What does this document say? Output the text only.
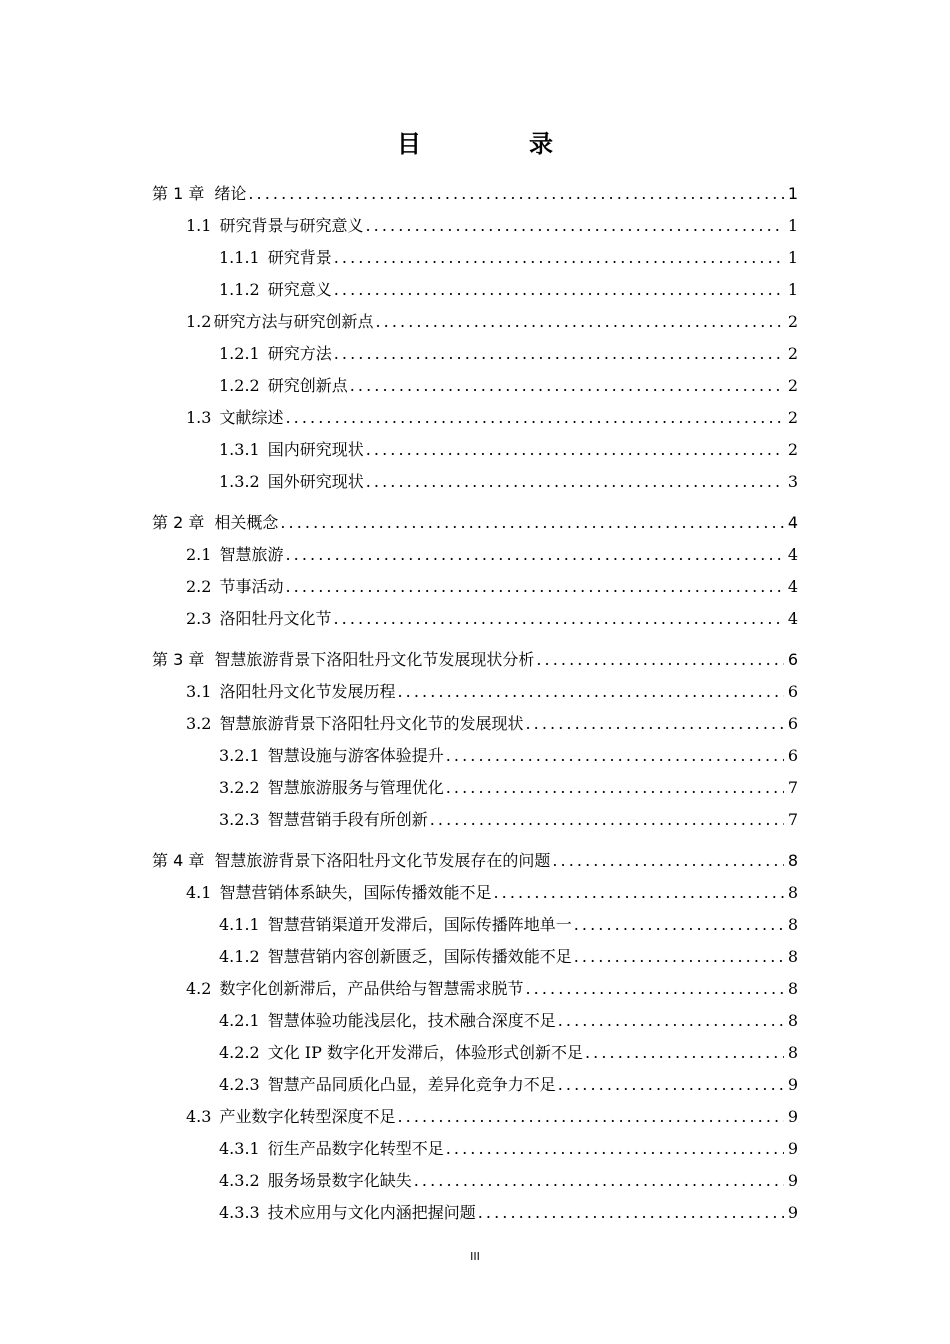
目　录
第 1 章 绪论 .....	1
1.1 研究背景与研究意义 .....	1
1.1.1 研究背景 .....	1
1.1.2 研究意义 .....	1
1.2 研究方法与研究创新点 .....	2
1.2.1 研究方法 .....	2
1.2.2 研究创新点 .....	2
1.3 文献综述 .....	2
1.3.1 国内研究现状 .....	2
1.3.2 国外研究现状 .....	3
第 2 章 相关概念 .....	4
2.1 智慧旅游 .....	4
2.2 节事活动 .....	4
2.3 洛阳牡丹文化节 .....	4
第 3 章 智慧旅游背景下洛阳牡丹文化节发展现状分析 .....	6
3.1 洛阳牡丹文化节发展历程 .....	6
3.2 智慧旅游背景下洛阳牡丹文化节的发展现状 .....	6
3.2.1 智慧设施与游客体验提升 .....	6
3.2.2 智慧旅游服务与管理优化 .....	7
3.2.3 智慧营销手段有所创新 .....	7
第 4 章 智慧旅游背景下洛阳牡丹文化节发展存在的问题 .....	8
4.1 智慧营销体系缺失，国际传播效能不足 .....	8
4.1.1 智慧营销渠道开发滞后，国际传播阵地单一 .....	8
4.1.2 智慧营销内容创新匮乏，国际传播效能不足 .....	8
4.2 数字化创新滞后，产品供给与智慧需求脱节 .....	8
4.2.1 智慧体验功能浅层化，技术融合深度不足 .....	8
4.2.2 文化 IP 数字化开发滞后，体验形式创新不足 .....	8
4.2.3 智慧产品同质化凸显，差异化竞争力不足 .....	9
4.3 产业数字化转型深度不足 .....	9
4.3.1 衍生产品数字化转型不足 .....	9
4.3.2 服务场景数字化缺失 .....	9
4.3.3 技术应用与文化内涵把握问题 .....	9
III
